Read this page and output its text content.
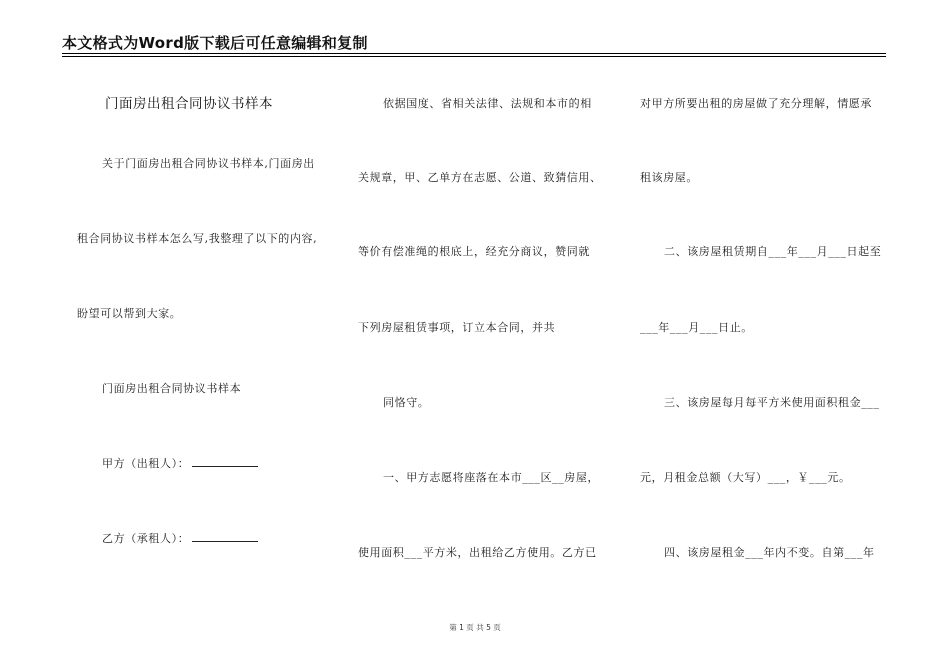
本文格式为Word版下载后可任意编辑和复制
门面房出租合同协议书样本
关于门面房出租合同协议书样本,门面房出
租合同协议书样本怎么写,我整理了以下的内容,
盼望可以帮到大家。
门面房出租合同协议书样本
甲方（出租人）：
乙方（承租人）：
依据国度、省相关法律、法规和本市的相
关规章，甲、乙单方在志愿、公道、致猜信用、
等价有偿准绳的根底上，经充分商议，赞同就
下列房屋租赁事项，订立本合同，并共
同恪守。
一、甲方志愿将座落在本市___区__房屋，
使用面积___平方米，出租给乙方使用。乙方已
对甲方所要出租的房屋做了充分理解，情愿承
租该房屋。
二、该房屋租赁期自___年___月___日起至
___年___月___日止。
三、该房屋每月每平方米使用面积租金___
元，月租金总额（大写）___，￥___元。
四、该房屋租金___年内不变。自第___年
第 1 页 共 5 页
